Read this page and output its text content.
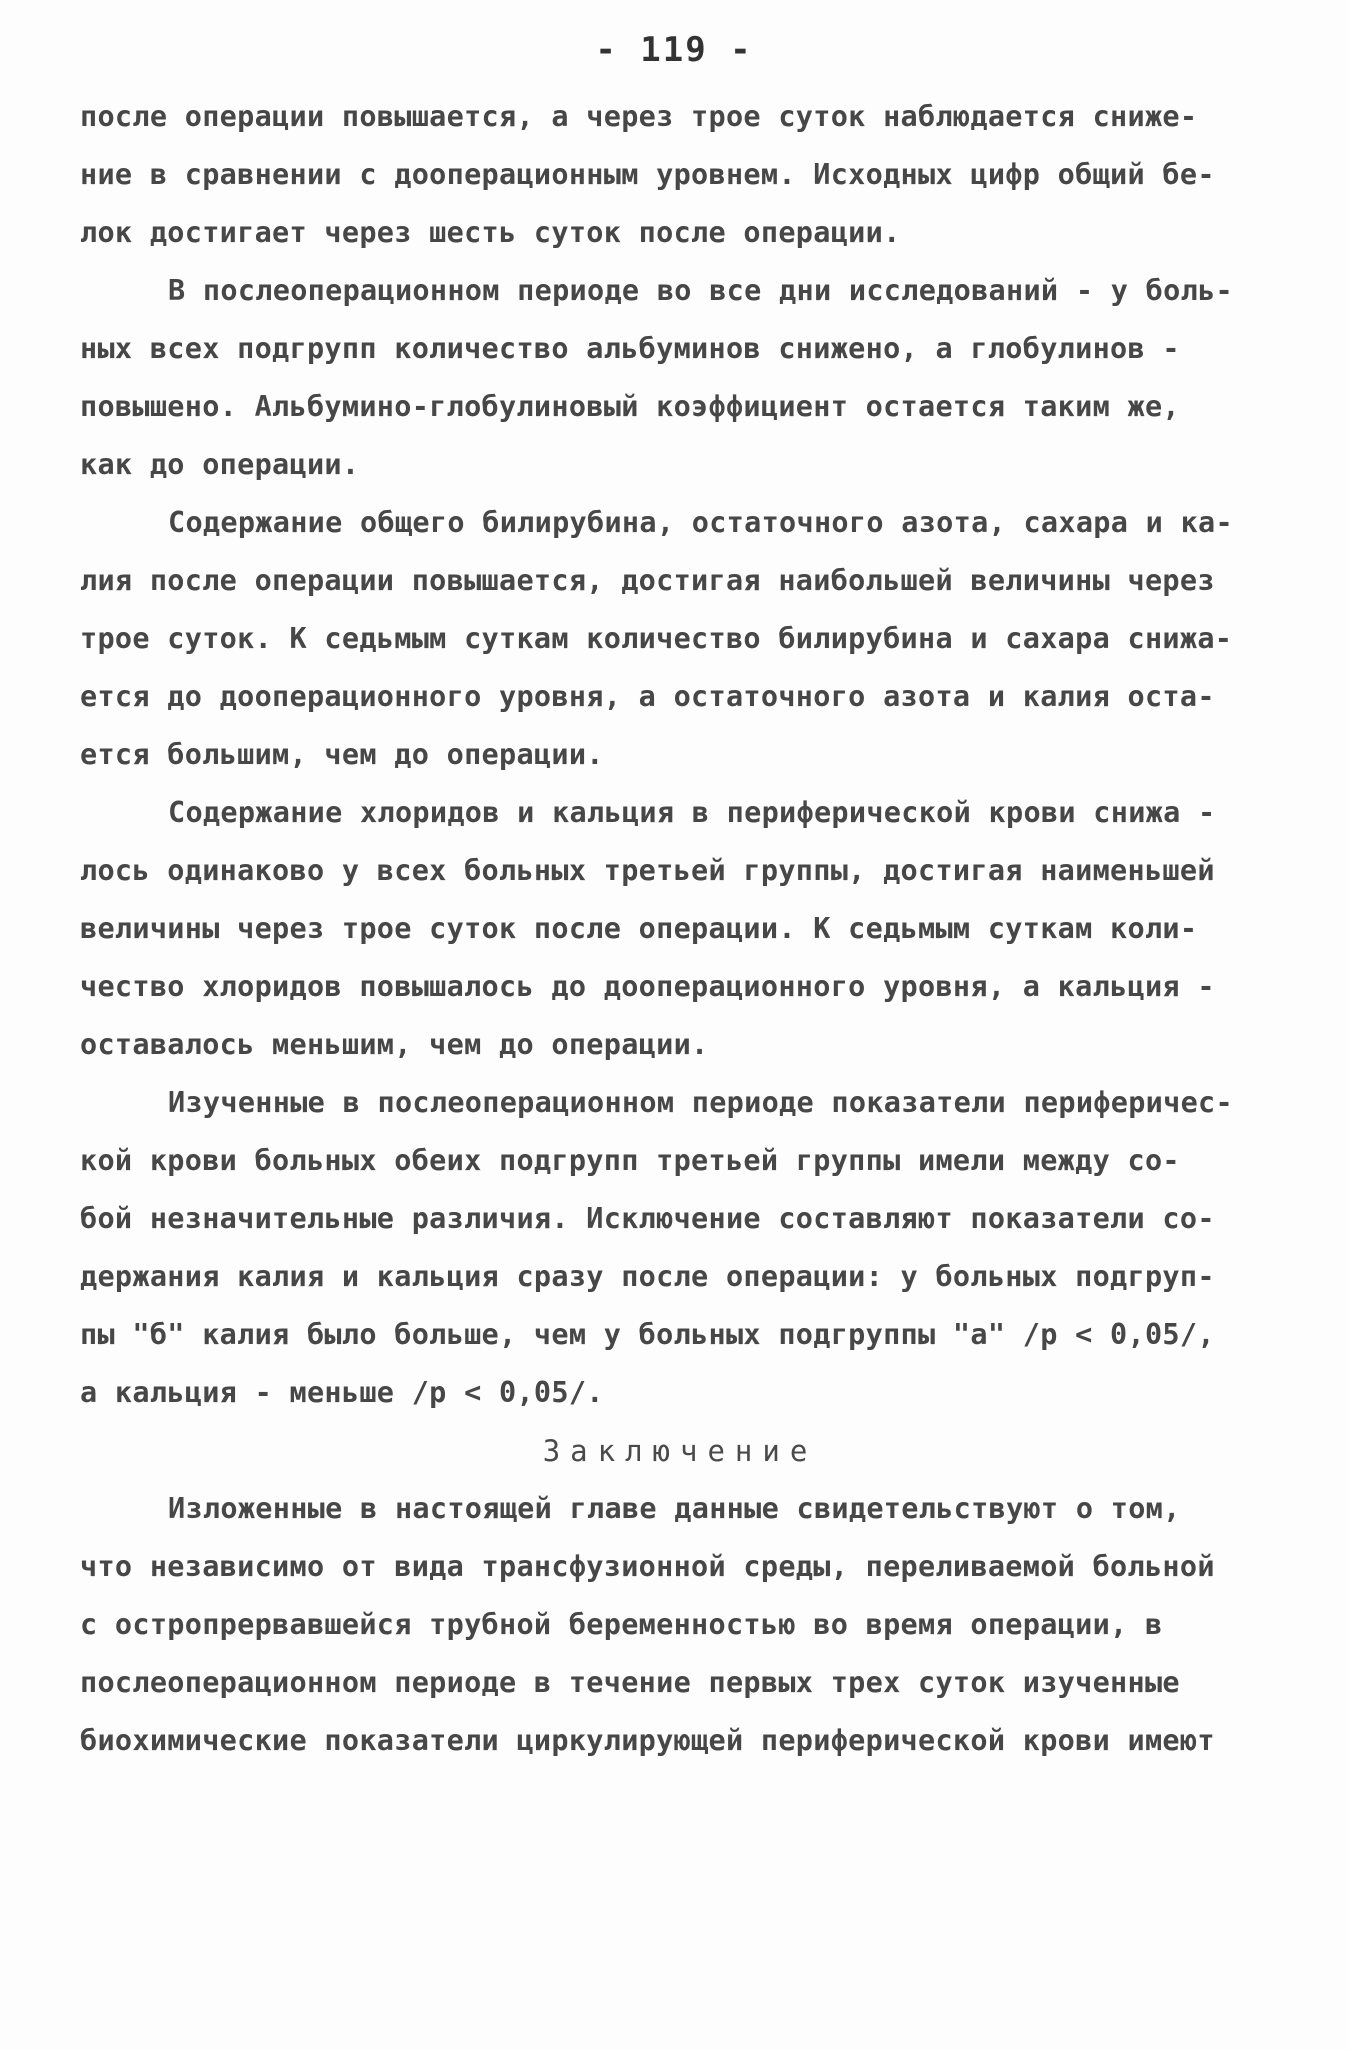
- 119 -
после операции повышается, а через трое суток наблюдается сниже-
ние в сравнении с дооперационным уровнем. Исходных цифр общий бе-
лок достигает через шесть суток после операции.
В послеоперационном периоде во все дни исследований - у боль-
ных всех подгрупп количество альбуминов снижено, а глобулинов -
повышено. Альбумино-глобулиновый коэффициент остается таким же,
как до операции.
Содержание общего билирубина, остаточного азота, сахара и ка-
лия после операции повышается, достигая наибольшей величины через
трое суток. К седьмым суткам количество билирубина и сахара снижа-
ется до дооперационного уровня, а остаточного азота и калия оста-
ется большим, чем до операции.
Содержание хлоридов и кальция в периферической крови снижа -
лось одинаково у всех больных третьей группы, достигая наименьшей
величины через трое суток после операции. К седьмым суткам коли-
чество хлоридов повышалось до дооперационного уровня, а кальция -
оставалось меньшим, чем до операции.
Изученные в послеоперационном периоде показатели периферичес-
кой крови больных обеих подгрупп третьей группы имели между со-
бой незначительные различия. Исключение составляют показатели со-
держания калия и кальция сразу после операции: у больных подгруп-
пы "б" калия было больше, чем у больных подгруппы "а" /р < 0,05/,
а кальция - меньше /р < 0,05/.
Заключение
Изложенные в настоящей главе данные свидетельствуют о том,
что независимо от вида трансфузионной среды, переливаемой больной
с остропрервавшейся трубной беременностью во время операции, в
послеоперационном периоде в течение первых трех суток изученные
биохимические показатели циркулирующей периферической крови имеют
